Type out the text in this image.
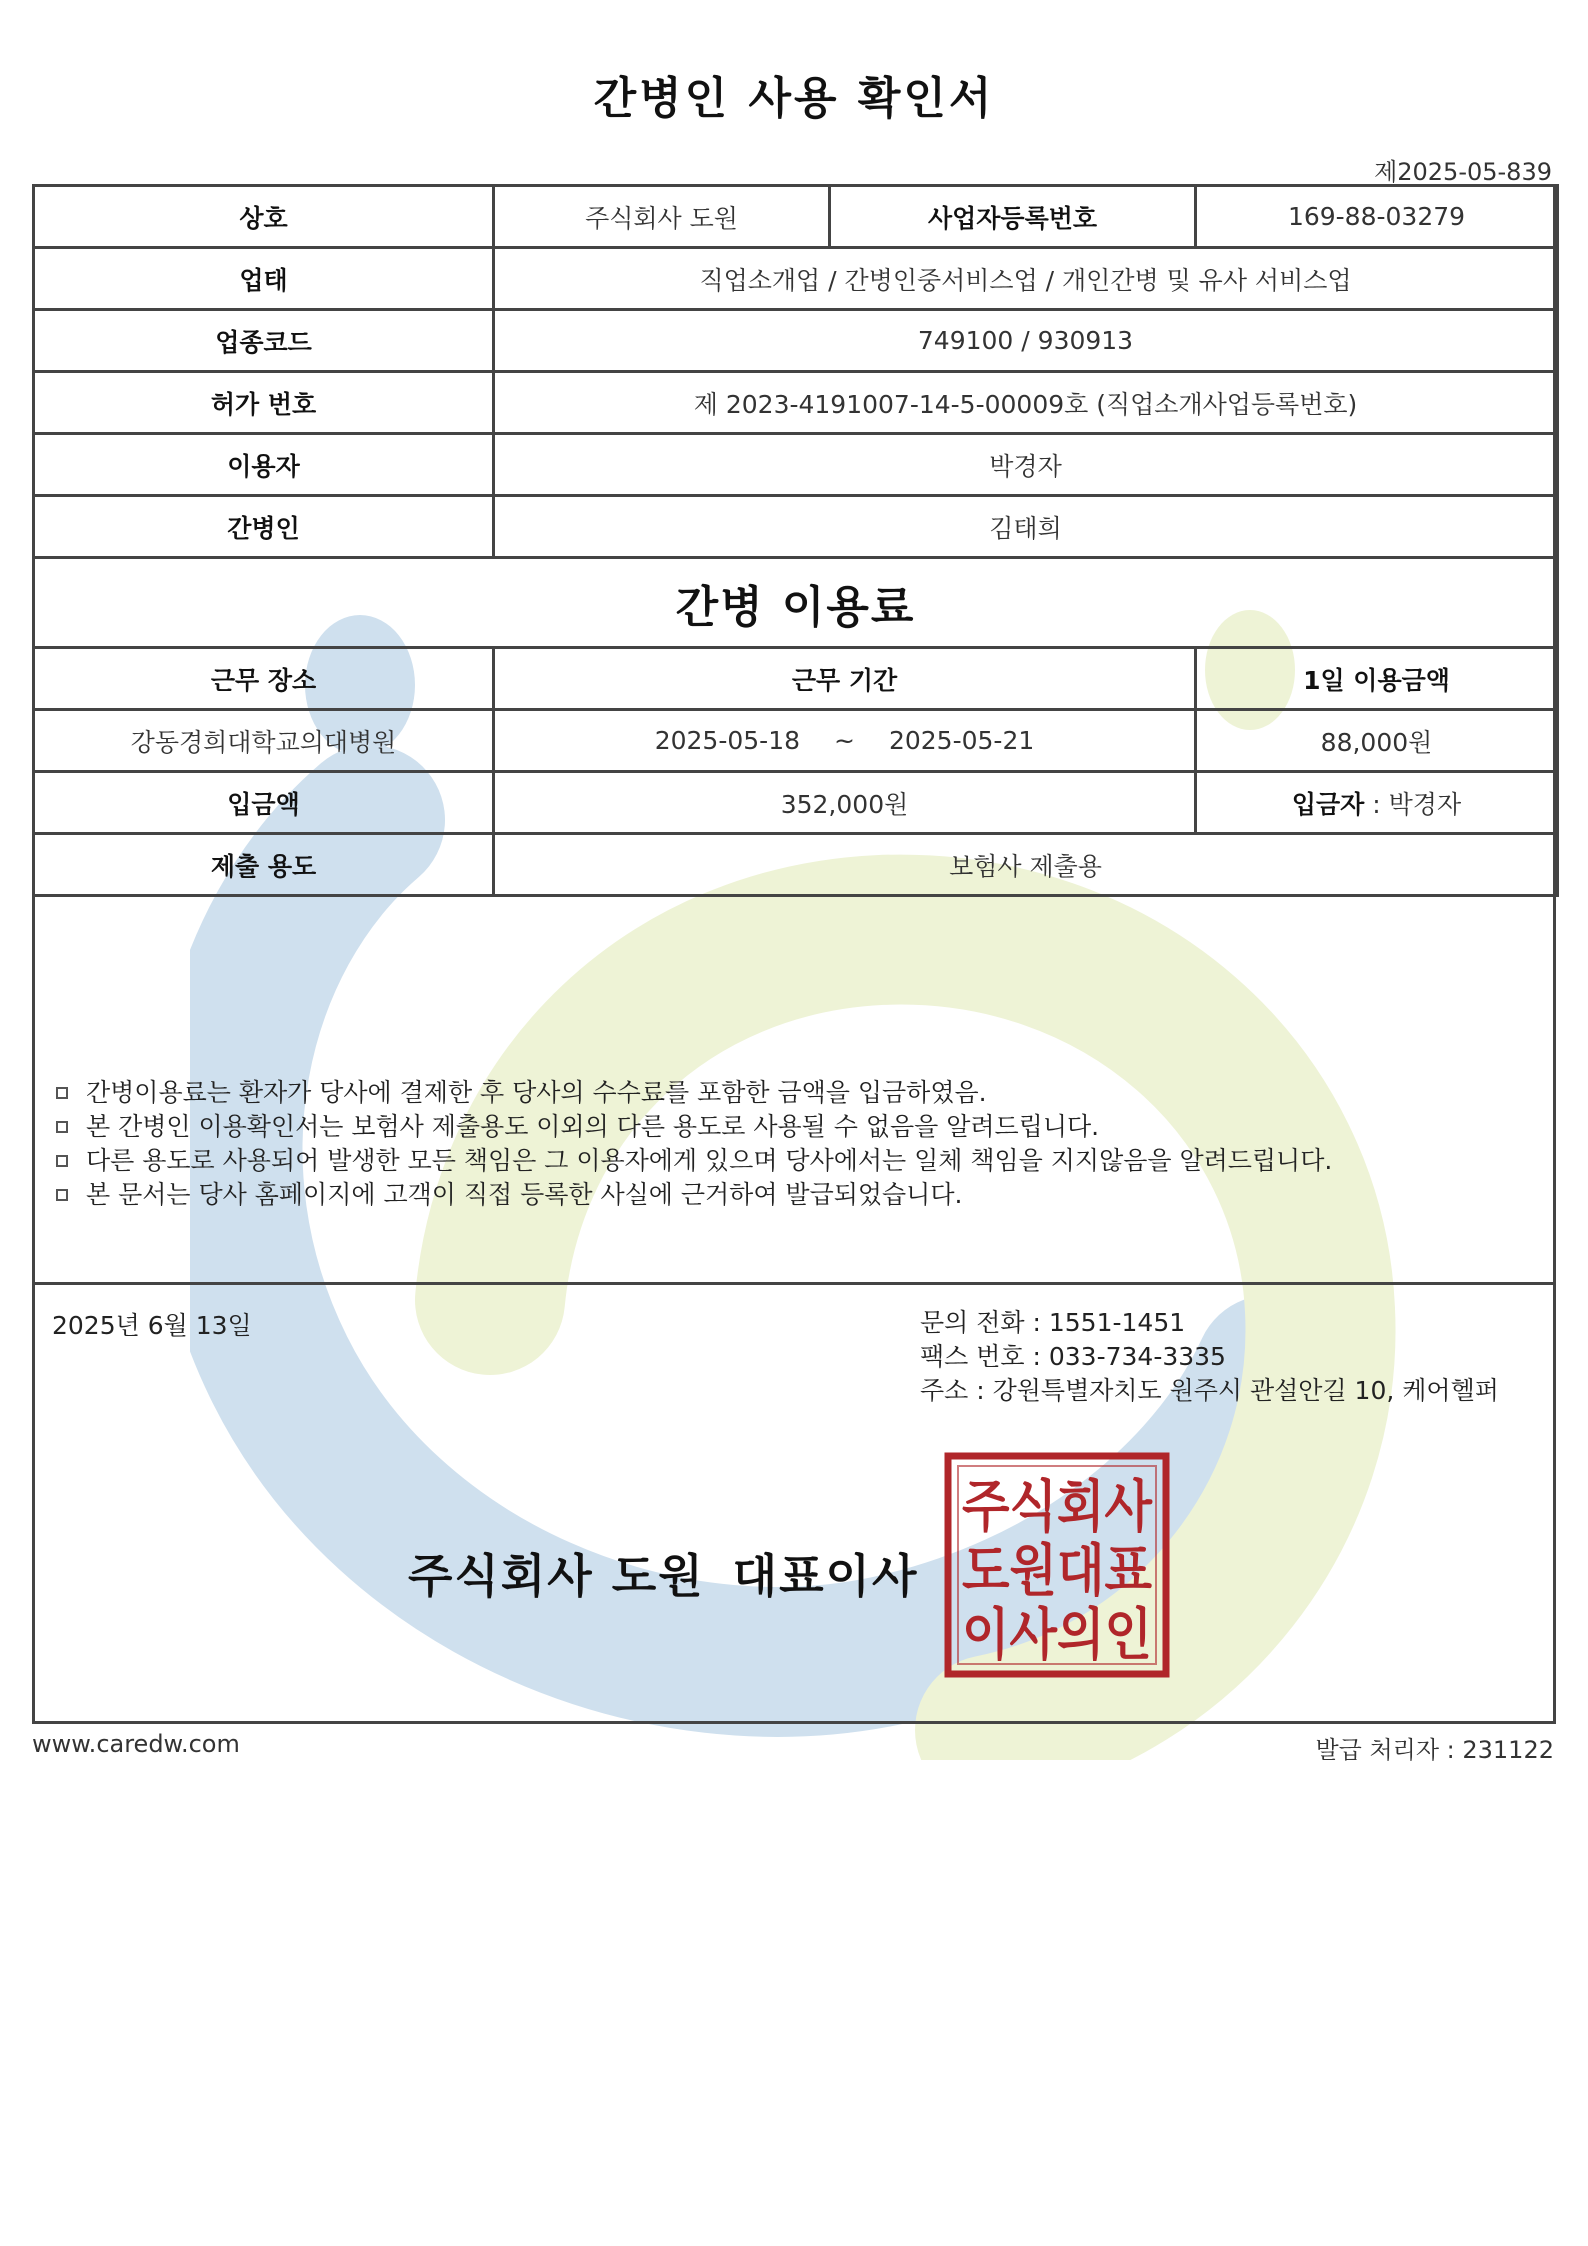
간병인 사용 확인서
제2025-05-839
상호	주식회사 도원	사업자등록번호	169-88-03279
업태	직업소개업 / 간병인중서비스업 / 개인간병 및 유사 서비스업		
업종코드	749100 / 930913		
허가 번호	제 2023-4191007-14-5-00009호 (직업소개사업등록번호)		
이용자	박경자		
간병인	김태희		
간병 이용료			
근무 장소	근무 기간		1일 이용금액
강동경희대학교의대병원	2025-05-18 ~ 2025-05-21		88,000원
입금액	352,000원		입금자 : 박경자
제출 용도	보험사 제출용		
간병이용료는 환자가 당사에 결제한 후 당사의 수수료를 포함한 금액을 입금하였음.
본 간병인 이용확인서는 보험사 제출용도 이외의 다른 용도로 사용될 수 없음을 알려드립니다.
다른 용도로 사용되어 발생한 모든 책임은 그 이용자에게 있으며 당사에서는 일체 책임을 지지않음을 알려드립니다.
본 문서는 당사 홈페이지에 고객이 직접 등록한 사실에 근거하여 발급되었습니다.
2025년 6월 13일	문의 전화 : 1551-1451
팩스 번호 : 033-734-3335
주소 : 강원특별자치도 원주시 관설안길 10, 케어헬퍼
주식회사 도원 대표이사
주식회사
도원대표
이사의인
www.caredw.com	발급 처리자 : 231122
